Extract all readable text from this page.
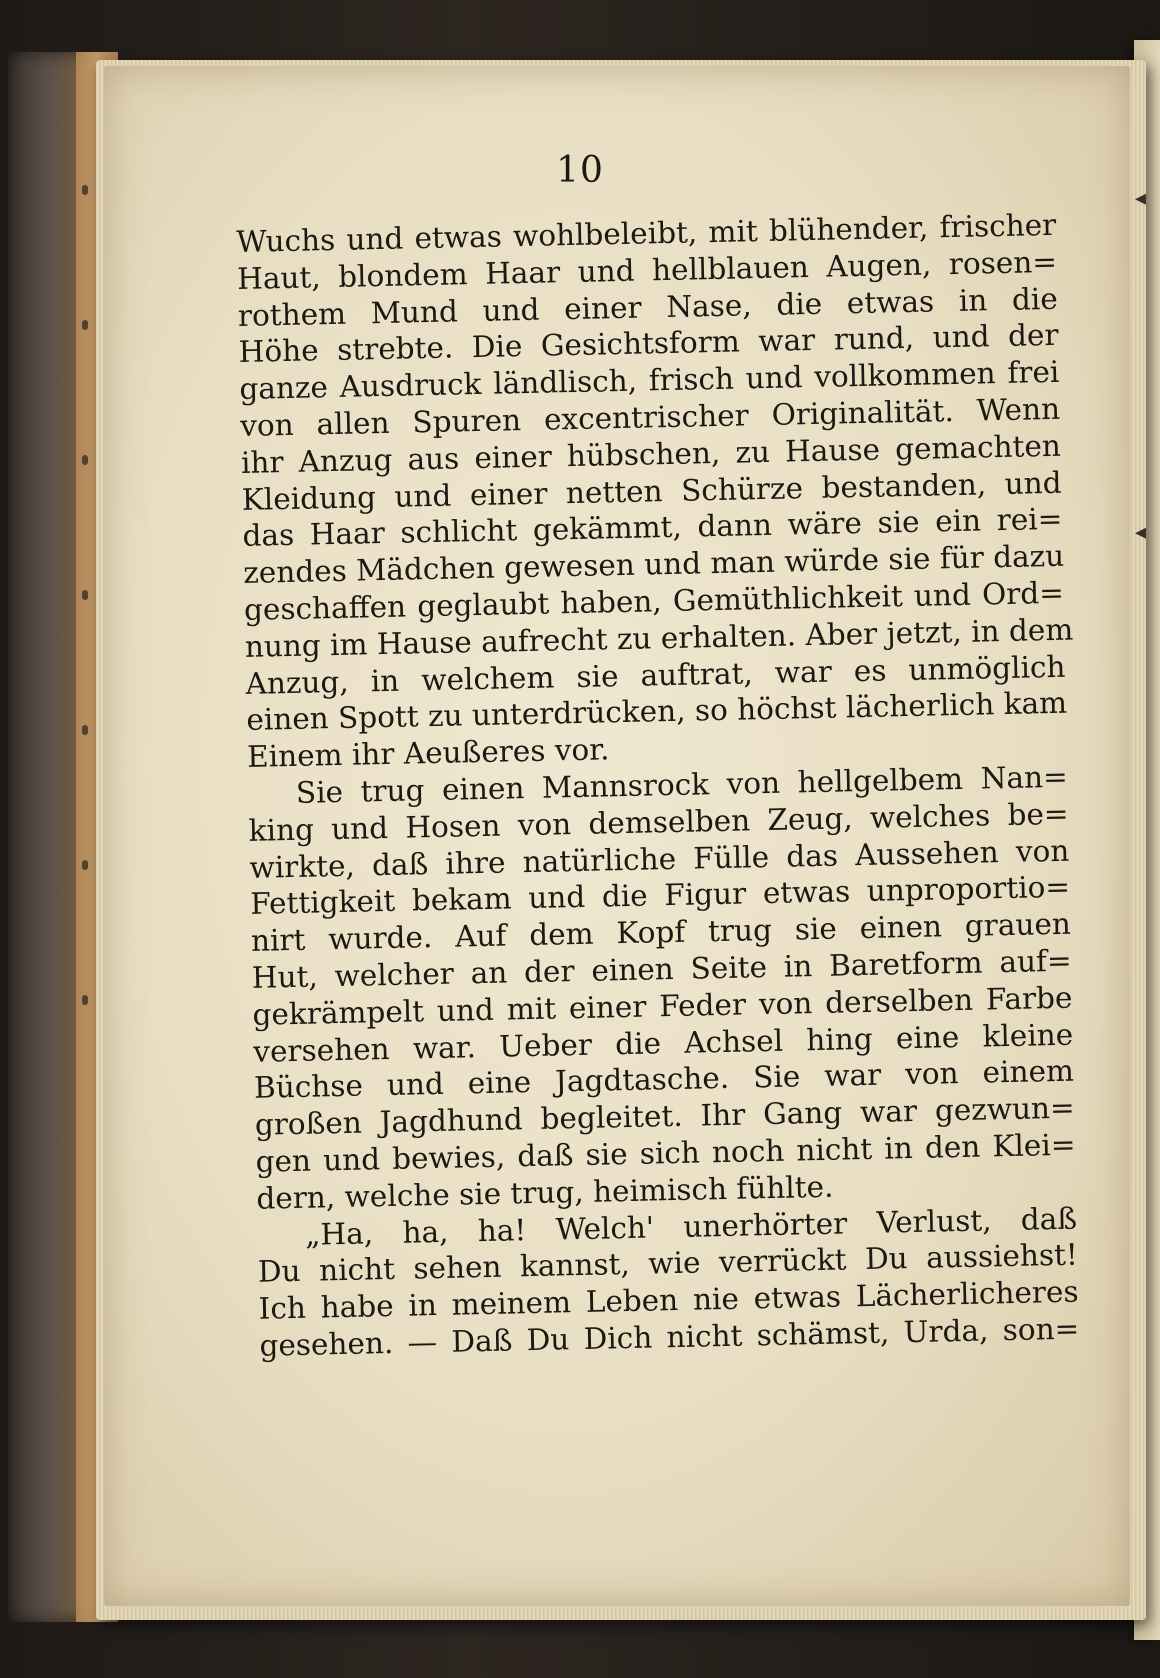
◂
◂
10
Wuchs und etwas wohlbeleibt, mit blühender, frischer
Haut, blondem Haar und hellblauen Augen, rosen=
rothem Mund und einer Nase, die etwas in die
Höhe strebte. Die Gesichtsform war rund, und der
ganze Ausdruck ländlisch, frisch und vollkommen frei
von allen Spuren excentrischer Originalität. Wenn
ihr Anzug aus einer hübschen, zu Hause gemachten
Kleidung und einer netten Schürze bestanden, und
das Haar schlicht gekämmt, dann wäre sie ein rei=
zendes Mädchen gewesen und man würde sie für dazu
geschaffen geglaubt haben, Gemüthlichkeit und Ord=
nung im Hause aufrecht zu erhalten. Aber jetzt, in dem
Anzug, in welchem sie auftrat, war es unmöglich
einen Spott zu unterdrücken, so höchst lächerlich kam
Einem ihr Aeußeres vor.
Sie trug einen Mannsrock von hellgelbem Nan=
king und Hosen von demselben Zeug, welches be=
wirkte, daß ihre natürliche Fülle das Aussehen von
Fettigkeit bekam und die Figur etwas unproportio=
nirt wurde. Auf dem Kopf trug sie einen grauen
Hut, welcher an der einen Seite in Baretform auf=
gekrämpelt und mit einer Feder von derselben Farbe
versehen war. Ueber die Achsel hing eine kleine
Büchse und eine Jagdtasche. Sie war von einem
großen Jagdhund begleitet. Ihr Gang war gezwun=
gen und bewies, daß sie sich noch nicht in den Klei=
dern, welche sie trug, heimisch fühlte.
„Ha, ha, ha! Welch' unerhörter Verlust, daß
Du nicht sehen kannst, wie verrückt Du aussiehst!
Ich habe in meinem Leben nie etwas Lächerlicheres
gesehen. — Daß Du Dich nicht schämst, Urda, son=
